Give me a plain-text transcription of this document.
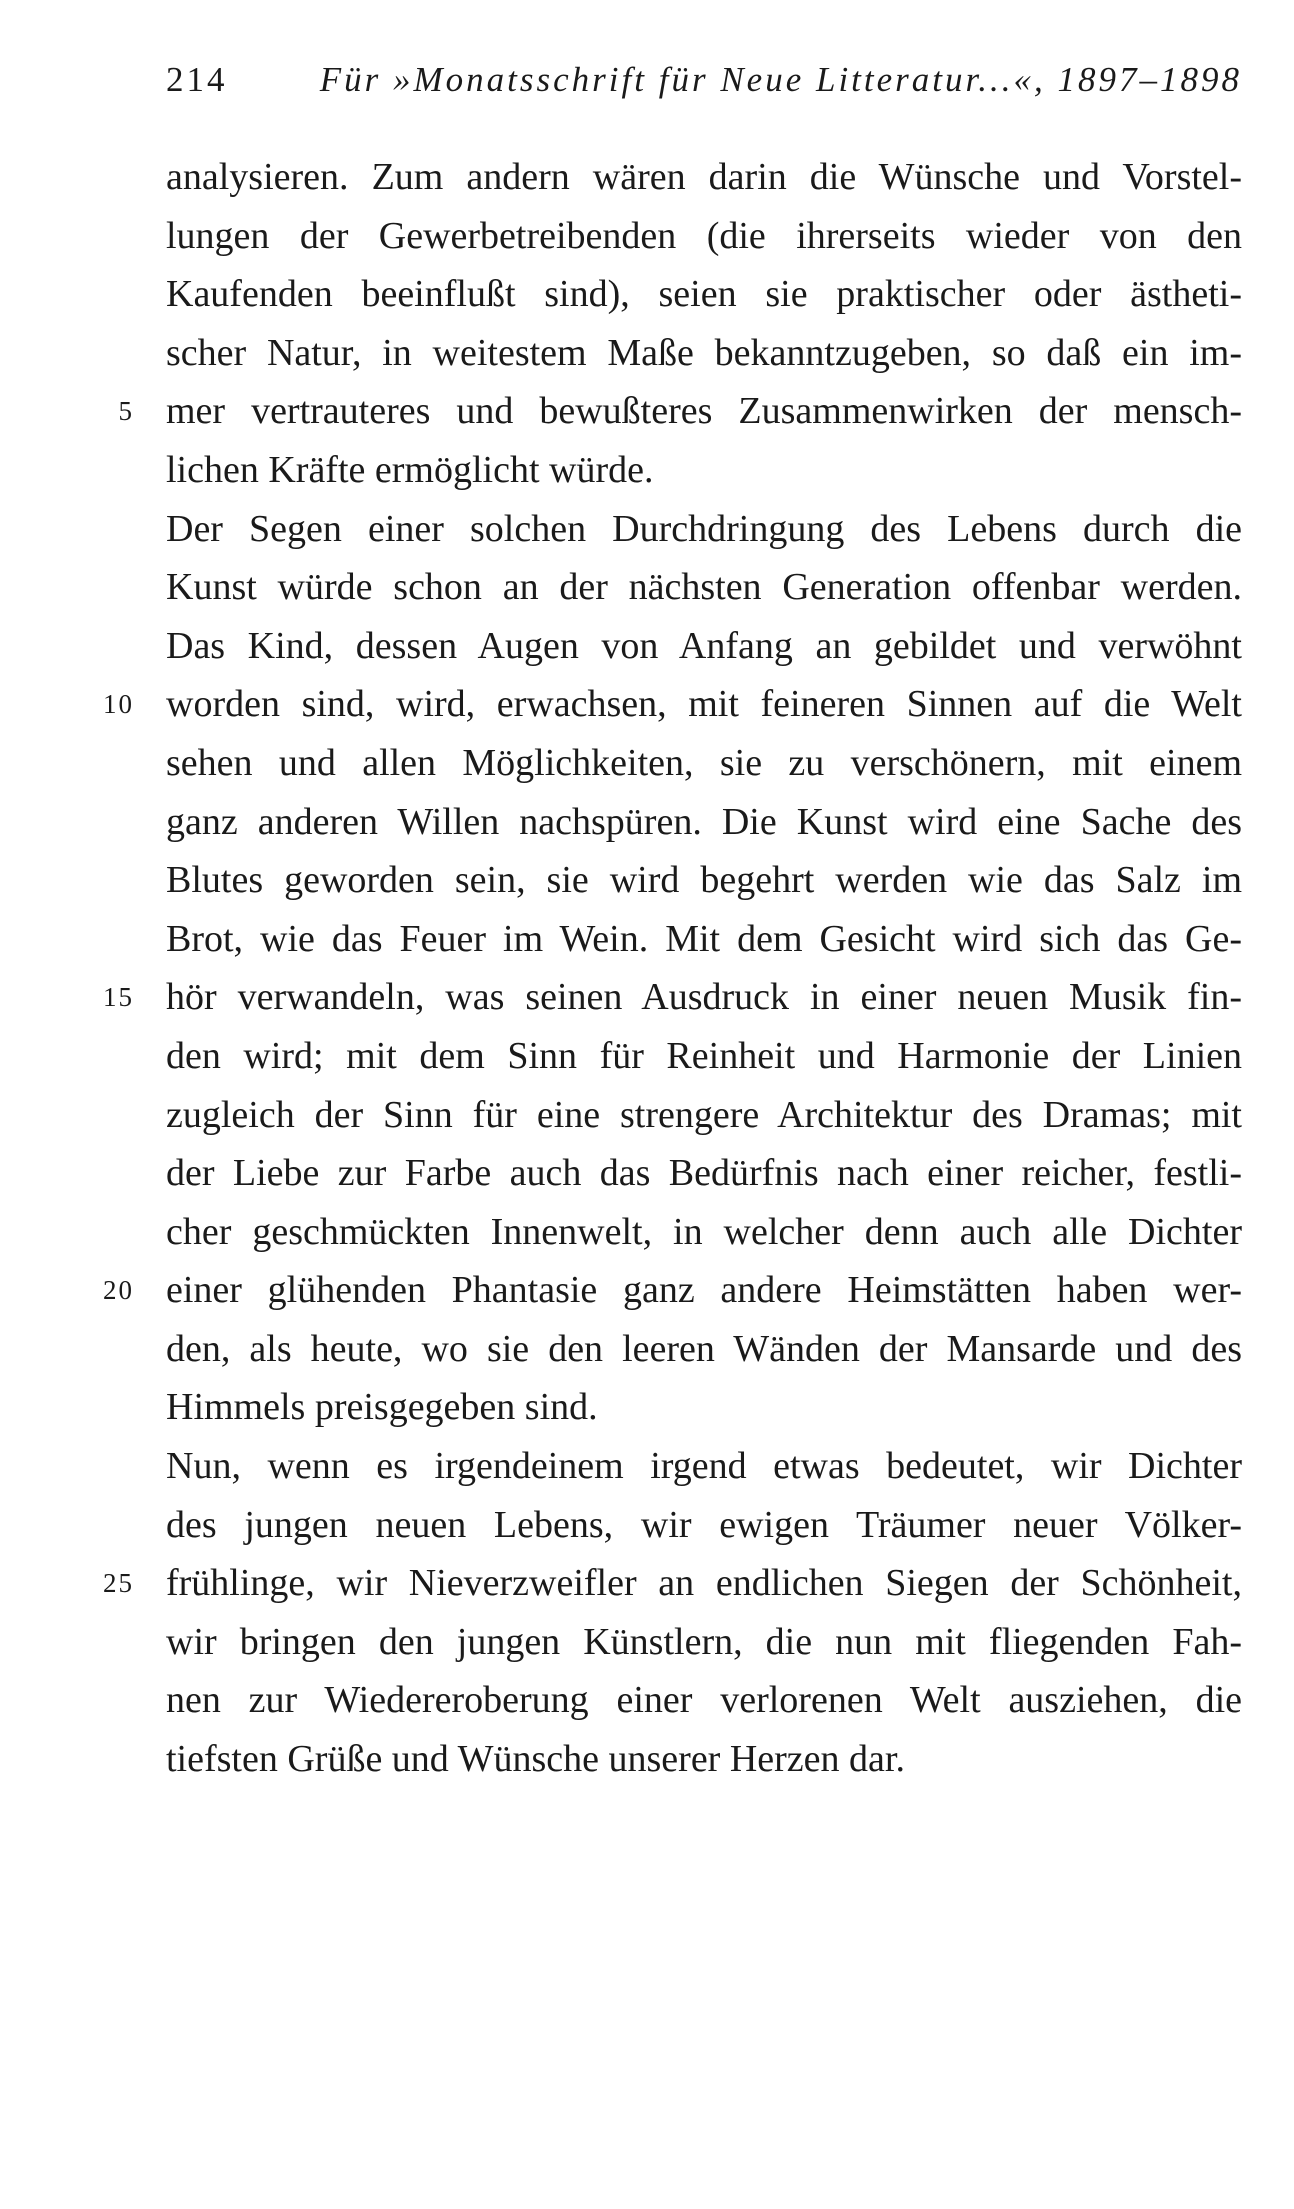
214	Für »Monatsschrift für Neue Litteratur...«, 1897–1898
analysieren. Zum andern wären darin die Wünsche und Vorstel-
lungen der Gewerbetreibenden (die ihrerseits wieder von den
Kaufenden beeinflußt sind), seien sie praktischer oder ästheti-
scher Natur, in weitestem Maße bekanntzugeben, so daß ein im-
5 mer vertrauteres und bewußteres Zusammenwirken der mensch-
lichen Kräfte ermöglicht würde.
Der Segen einer solchen Durchdringung des Lebens durch die
Kunst würde schon an der nächsten Generation offenbar werden.
Das Kind, dessen Augen von Anfang an gebildet und verwöhnt
10 worden sind, wird, erwachsen, mit feineren Sinnen auf die Welt
sehen und allen Möglichkeiten, sie zu verschönern, mit einem
ganz anderen Willen nachspüren. Die Kunst wird eine Sache des
Blutes geworden sein, sie wird begehrt werden wie das Salz im
Brot, wie das Feuer im Wein. Mit dem Gesicht wird sich das Ge-
15 hör verwandeln, was seinen Ausdruck in einer neuen Musik fin-
den wird; mit dem Sinn für Reinheit und Harmonie der Linien
zugleich der Sinn für eine strengere Architektur des Dramas; mit
der Liebe zur Farbe auch das Bedürfnis nach einer reicher, festli-
cher geschmückten Innenwelt, in welcher denn auch alle Dichter
20 einer glühenden Phantasie ganz andere Heimstätten haben wer-
den, als heute, wo sie den leeren Wänden der Mansarde und des
Himmels preisgegeben sind.
Nun, wenn es irgendeinem irgend etwas bedeutet, wir Dichter
des jungen neuen Lebens, wir ewigen Träumer neuer Völker-
25 frühlinge, wir Nieverzweifler an endlichen Siegen der Schönheit,
wir bringen den jungen Künstlern, die nun mit fliegenden Fah-
nen zur Wiedereroberung einer verlorenen Welt ausziehen, die
tiefsten Grüße und Wünsche unserer Herzen dar.
